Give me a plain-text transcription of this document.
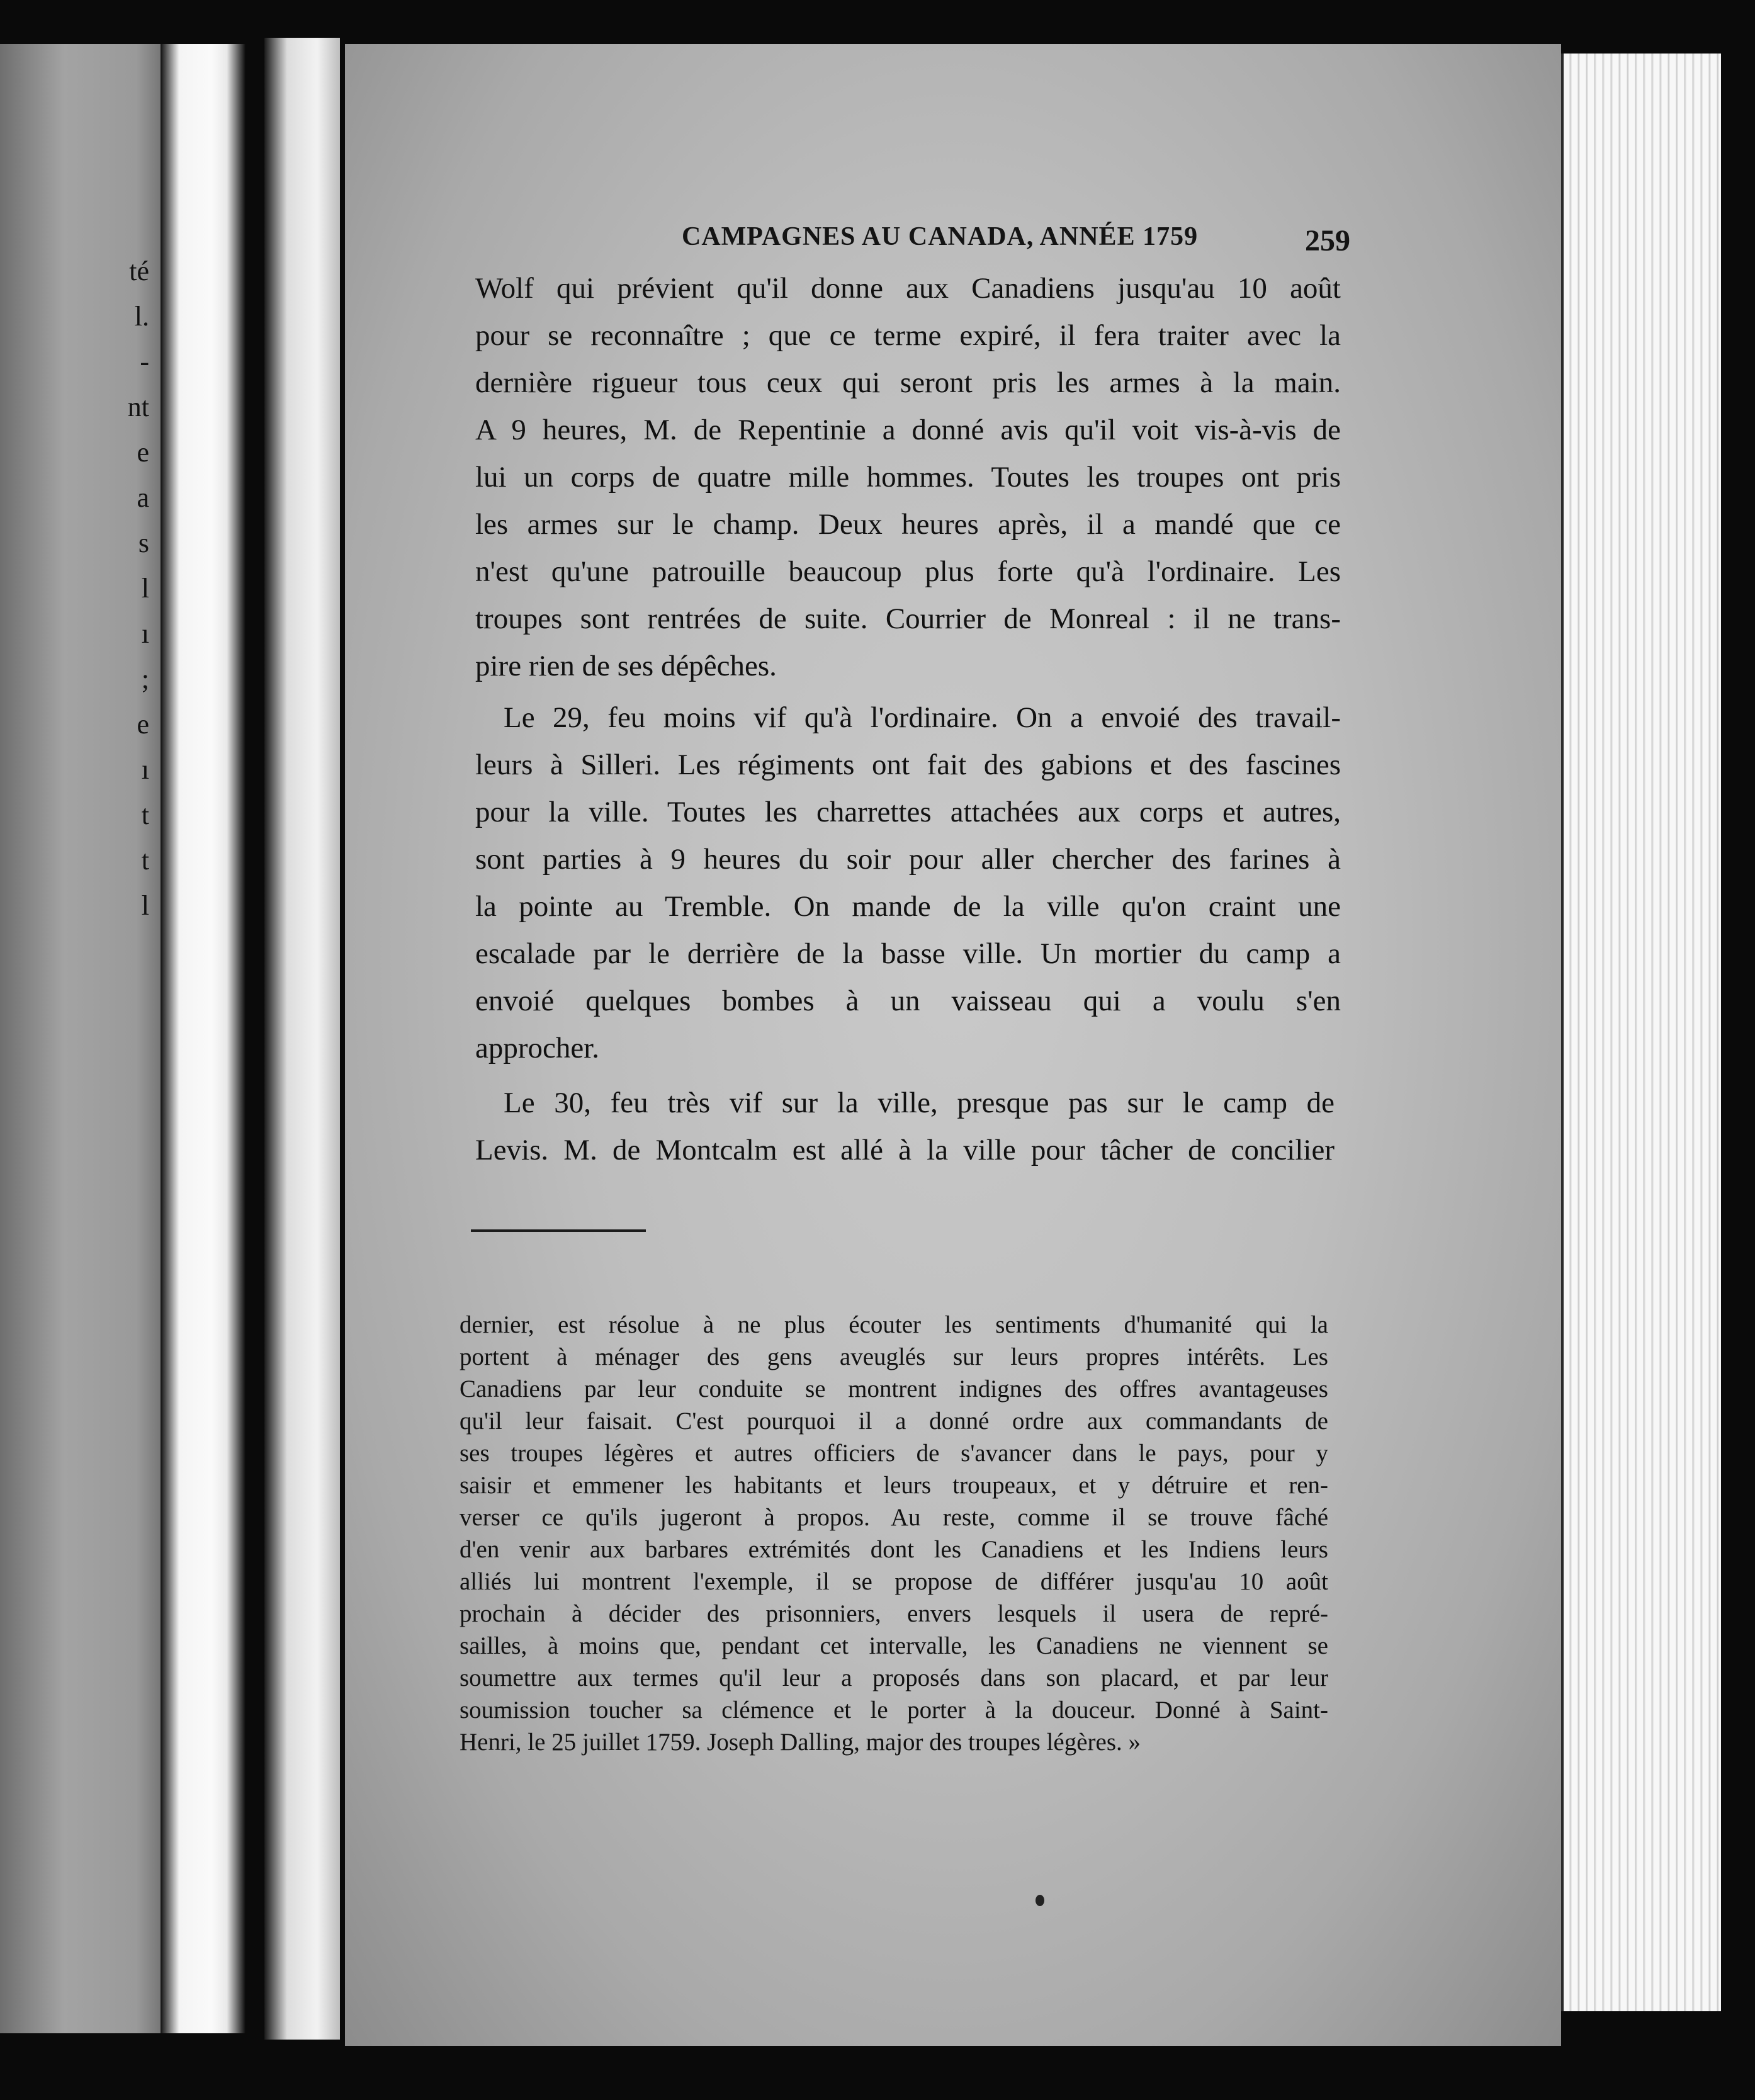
té
l.
-
nt
e
a
s
l
ı
;
e
ı
t
t
l
CAMPAGNES AU CANADA, ANNÉE 1759	259
Wolf qui prévient qu'il donne aux Canadiens jusqu'au 10 août
pour se reconnaître ; que ce terme expiré, il fera traiter avec la
dernière rigueur tous ceux qui seront pris les armes à la main.
A 9 heures, M. de Repentinie a donné avis qu'il voit vis-à-vis de
lui un corps de quatre mille hommes. Toutes les troupes ont pris
les armes sur le champ. Deux heures après, il a mandé que ce
n'est qu'une patrouille beaucoup plus forte qu'à l'ordinaire. Les
troupes sont rentrées de suite. Courrier de Monreal : il ne trans-
pire rien de ses dépêches.
Le 29, feu moins vif qu'à l'ordinaire. On a envoié des travail-
leurs à Silleri. Les régiments ont fait des gabions et des fascines
pour la ville. Toutes les charrettes attachées aux corps et autres,
sont parties à 9 heures du soir pour aller chercher des farines à
la pointe au Tremble. On mande de la ville qu'on craint une
escalade par le derrière de la basse ville. Un mortier du camp a
envoié quelques bombes à un vaisseau qui a voulu s'en
approcher.
Le 30, feu très vif sur la ville, presque pas sur le camp de
Levis. M. de Montcalm est allé à la ville pour tâcher de concilier
dernier, est résolue à ne plus écouter les sentiments d'humanité qui la
portent à ménager des gens aveuglés sur leurs propres intérêts. Les
Canadiens par leur conduite se montrent indignes des offres avantageuses
qu'il leur faisait. C'est pourquoi il a donné ordre aux commandants de
ses troupes légères et autres officiers de s'avancer dans le pays, pour y
saisir et emmener les habitants et leurs troupeaux, et y détruire et ren-
verser ce qu'ils jugeront à propos. Au reste, comme il se trouve fâché
d'en venir aux barbares extrémités dont les Canadiens et les Indiens leurs
alliés lui montrent l'exemple, il se propose de différer jusqu'au 10 août
prochain à décider des prisonniers, envers lesquels il usera de repré-
sailles, à moins que, pendant cet intervalle, les Canadiens ne viennent se
soumettre aux termes qu'il leur a proposés dans son placard, et par leur
soumission toucher sa clémence et le porter à la douceur. Donné à Saint-
Henri, le 25 juillet 1759. Joseph Dalling, major des troupes légères. »
